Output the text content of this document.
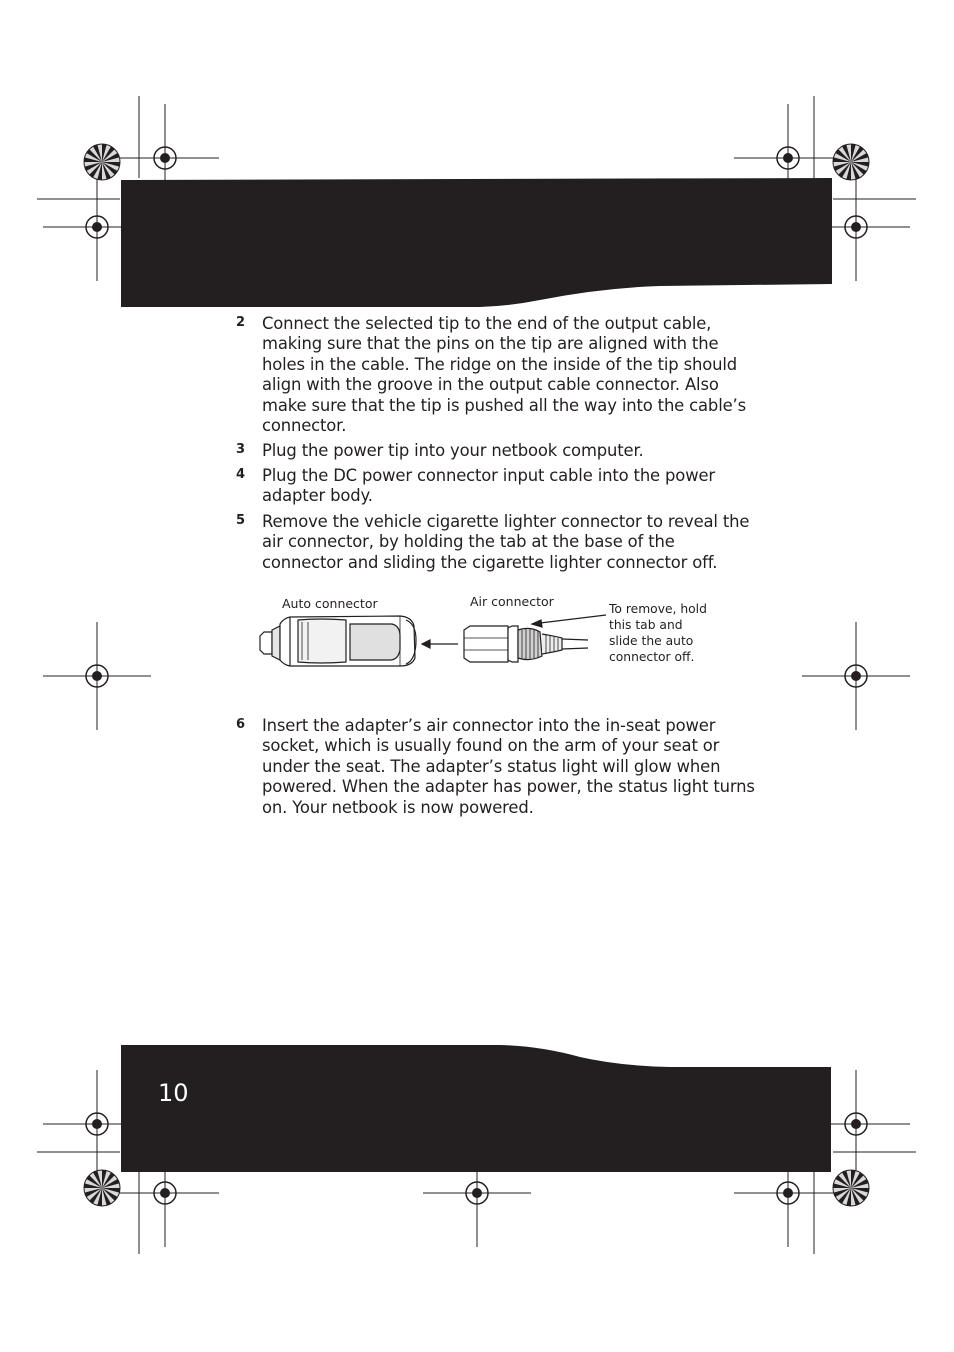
2	Connect the selected tip to the end of the output cable, making sure that the pins on the tip are aligned with the holes in the cable. The ridge on the inside of the tip should align with the groove in the output cable connector. Also make sure that the tip is pushed all the way into the cable’s connector.
3	Plug the power tip into your netbook computer.
4	Plug the DC power connector input cable into the power adapter body.
5	Remove the vehicle cigarette lighter connector to reveal the air connector, by holding the tab at the base of the connector and sliding the cigarette lighter connector off.
Auto connector	Air connector	To remove, hold
this tab and
slide the auto
connector off.
6	Insert the adapter’s air connector into the in-seat power socket, which is usually found on the arm of your seat or under the seat. The adapter’s status light will glow when powered. When the adapter has power, the status light turns on. Your netbook is now powered.
10
